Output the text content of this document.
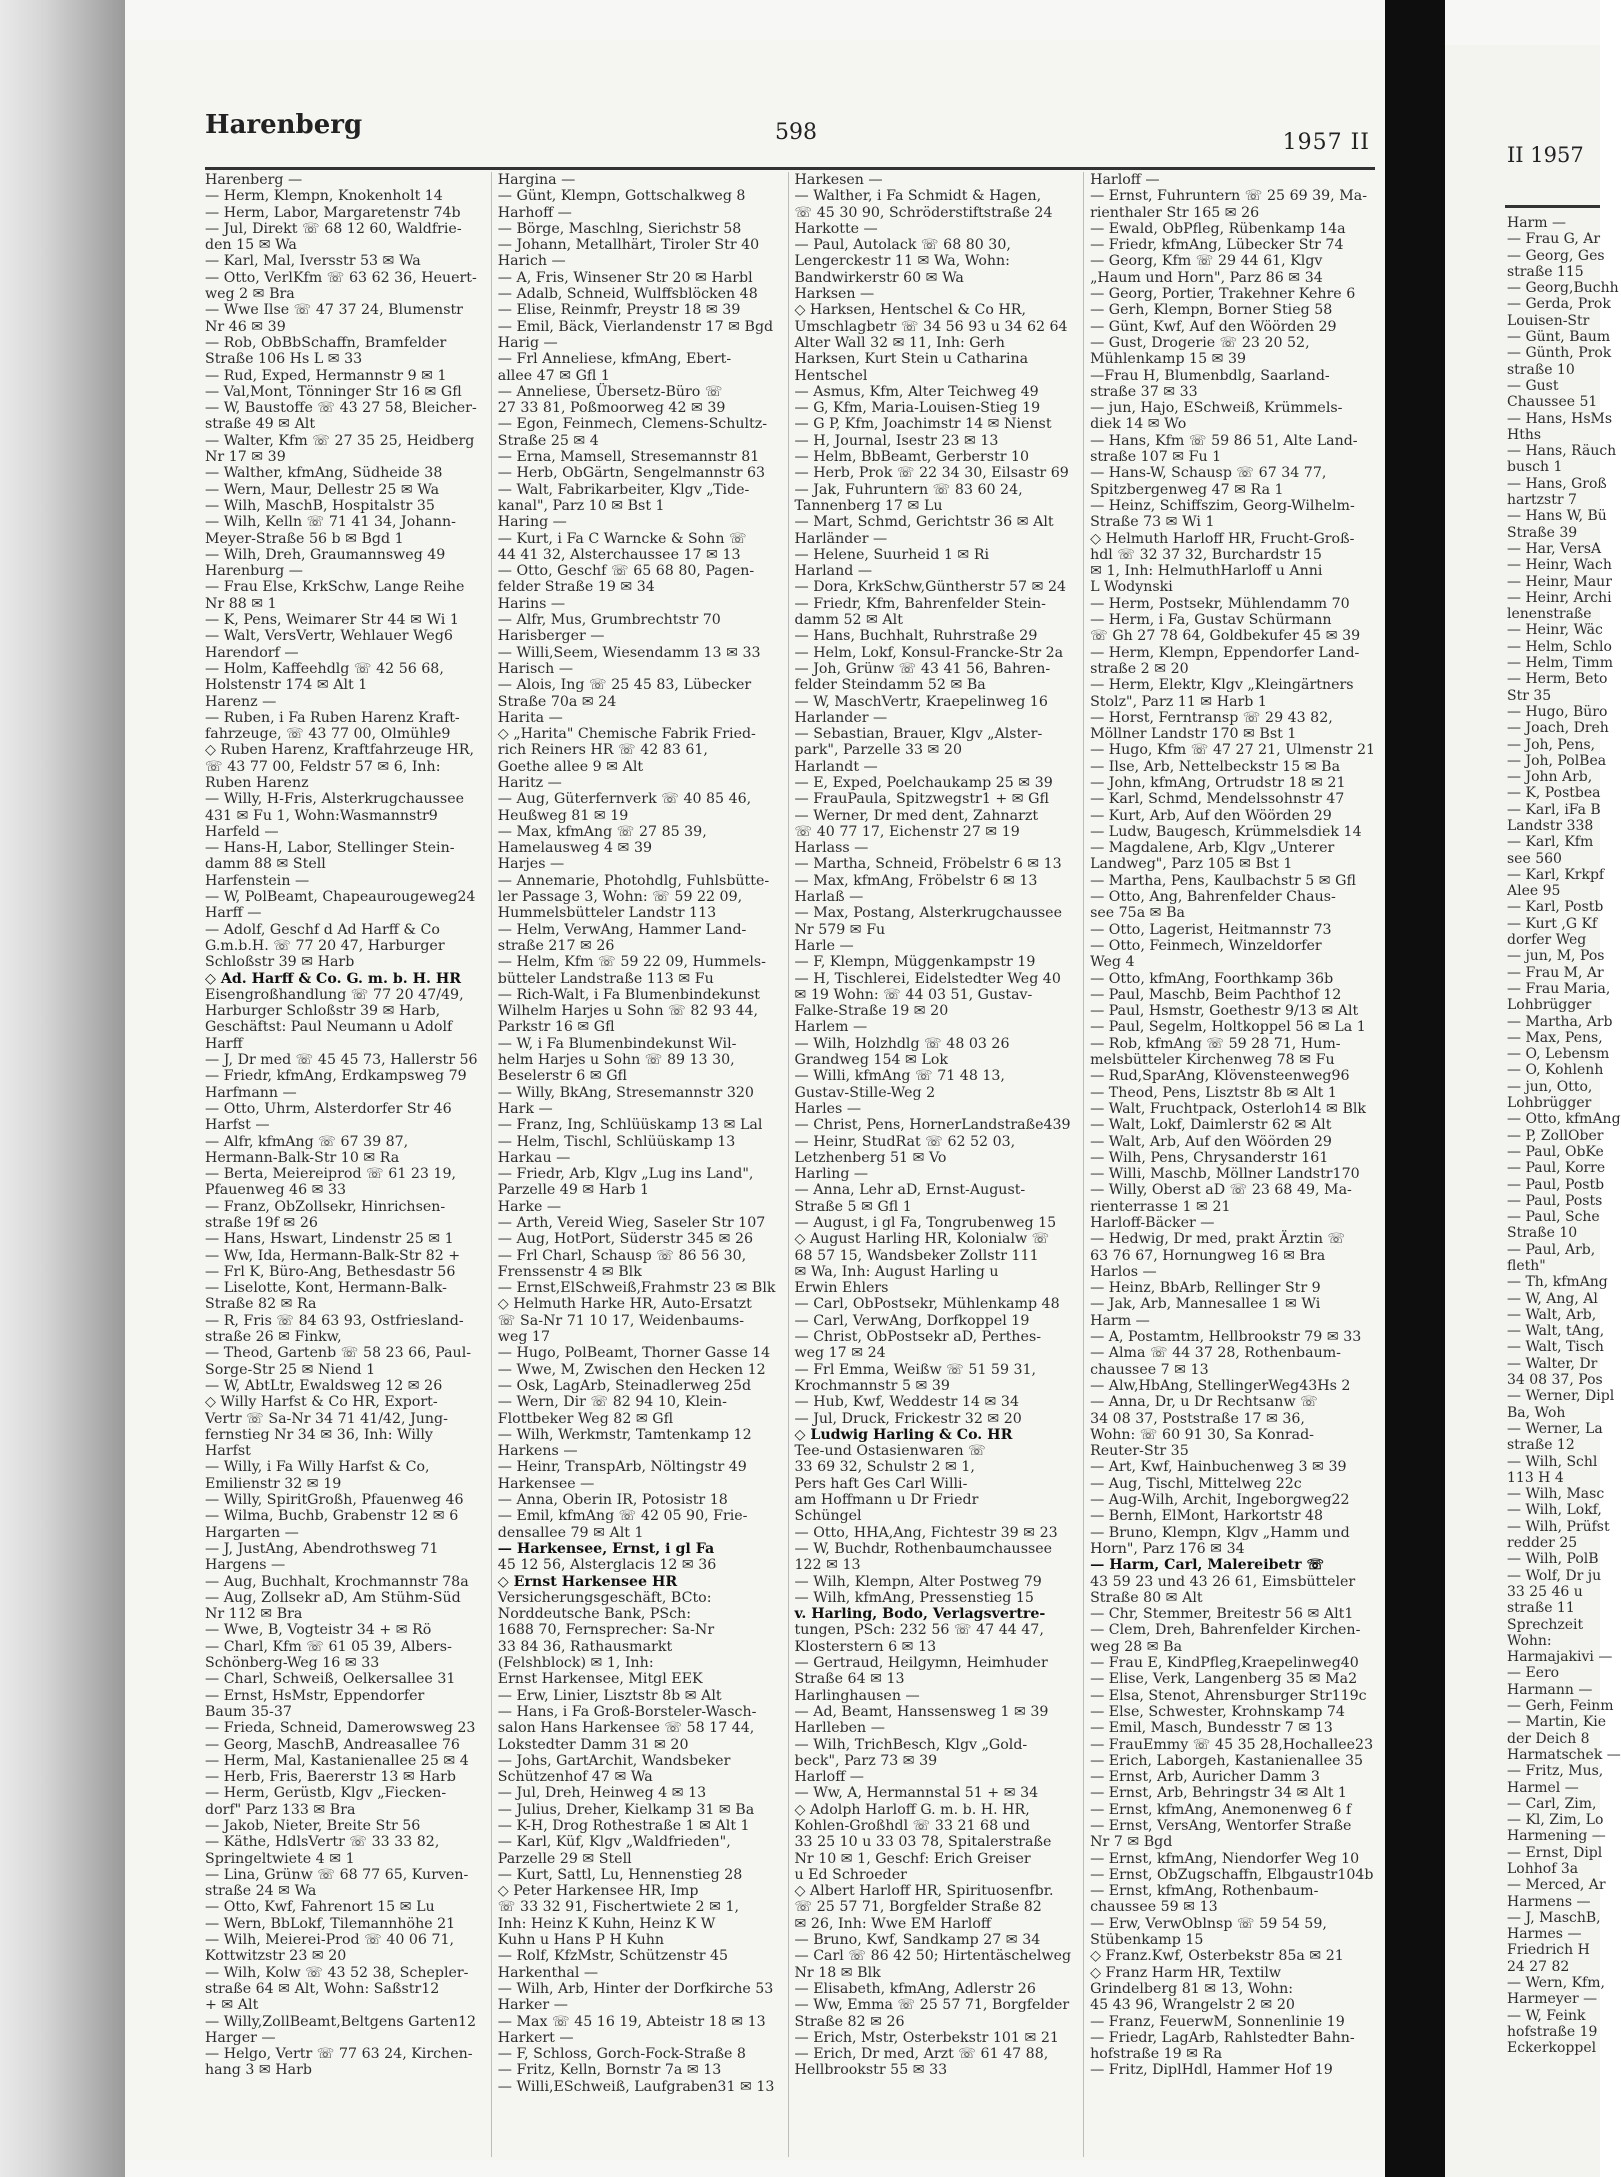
Harenberg	598	1957 II
Harenberg —
— Herm, Klempn, Knokenholt 14
— Herm, Labor, Margaretenstr 74b
— Jul, Direkt ☏ 68 12 60, Waldfrie-
den 15 ✉ Wa
— Karl, Mal, Iversstr 53 ✉ Wa
— Otto, VerlKfm ☏ 63 62 36, Heuert-
weg 2 ✉ Bra
— Wwe Ilse ☏ 47 37 24, Blumenstr
Nr 46 ✉ 39
— Rob, ObBbSchaffn, Bramfelder
Straße 106 Hs L ✉ 33
— Rud, Exped, Hermannstr 9 ✉ 1
— Val,Mont, Tönninger Str 16 ✉ Gfl
— W, Baustoffe ☏ 43 27 58, Bleicher-
straße 49 ✉ Alt
— Walter, Kfm ☏ 27 35 25, Heidberg
Nr 17 ✉ 39
— Walther, kfmAng, Südheide 38
— Wern, Maur, Dellestr 25 ✉ Wa
— Wilh, MaschB, Hospitalstr 35
— Wilh, Kelln ☏ 71 41 34, Johann-
Meyer-Straße 56 b ✉ Bgd 1
— Wilh, Dreh, Graumannsweg 49
Harenburg —
— Frau Else, KrkSchw, Lange Reihe
Nr 88 ✉ 1
— K, Pens, Weimarer Str 44 ✉ Wi 1
— Walt, VersVertr, Wehlauer Weg6
Harendorf —
— Holm, Kaffeehdlg ☏ 42 56 68,
Holstenstr 174 ✉ Alt 1
Harenz —
— Ruben, i Fa Ruben Harenz Kraft-
fahrzeuge, ☏ 43 77 00, Olmühle9
◇ Ruben Harenz, Kraftfahrzeuge HR,
☏ 43 77 00, Feldstr 57 ✉ 6, Inh:
Ruben Harenz
— Willy, H-Fris, Alsterkrugchaussee
431 ✉ Fu 1, Wohn:Wasmannstr9
Harfeld —
— Hans-H, Labor, Stellinger Stein-
damm 88 ✉ Stell
Harfenstein —
— W, PolBeamt, Chapeaurougeweg24
Harff —
— Adolf, Geschf d Ad Harff & Co
G.m.b.H. ☏ 77 20 47, Harburger
Schloßstr 39 ✉ Harb
◇ Ad. Harff & Co. G. m. b. H. HR
Eisengroßhandlung ☏ 77 20 47/49,
Harburger Schloßstr 39 ✉ Harb,
Geschäftst: Paul Neumann u Adolf
Harff
— J, Dr med ☏ 45 45 73, Hallerstr 56
— Friedr, kfmAng, Erdkampsweg 79
Harfmann —
— Otto, Uhrm, Alsterdorfer Str 46
Harfst —
— Alfr, kfmAng ☏ 67 39 87,
Hermann-Balk-Str 10 ✉ Ra
— Berta, Meiereiprod ☏ 61 23 19,
Pfauenweg 46 ✉ 33
— Franz, ObZollsekr, Hinrichsen-
straße 19f ✉ 26
— Hans, Hswart, Lindenstr 25 ✉ 1
— Ww, Ida, Hermann-Balk-Str 82 +
— Frl K, Büro-Ang, Bethesdastr 56
— Liselotte, Kont, Hermann-Balk-
Straße 82 ✉ Ra
— R, Fris ☏ 84 63 93, Ostfriesland-
straße 26 ✉ Finkw,
— Theod, Gartenb ☏ 58 23 66, Paul-
Sorge-Str 25 ✉ Niend 1
— W, AbtLtr, Ewaldsweg 12 ✉ 26
◇ Willy Harfst & Co HR, Export-
Vertr ☏ Sa-Nr 34 71 41/42, Jung-
fernstieg Nr 34 ✉ 36, Inh: Willy
Harfst
— Willy, i Fa Willy Harfst & Co,
Emilienstr 32 ✉ 19
— Willy, SpiritGroßh, Pfauenweg 46
— Wilma, Buchb, Grabenstr 12 ✉ 6
Hargarten —
— J, JustAng, Abendrothsweg 71
Hargens —
— Aug, Buchhalt, Krochmannstr 78a
— Aug, Zollsekr aD, Am Stühm-Süd
Nr 112 ✉ Bra
— Wwe, B, Vogteistr 34 + ✉ Rö
— Charl, Kfm ☏ 61 05 39, Albers-
Schönberg-Weg 16 ✉ 33
— Charl, Schweiß, Oelkersallee 31
— Ernst, HsMstr, Eppendorfer
Baum 35-37
— Frieda, Schneid, Damerowsweg 23
— Georg, MaschB, Andreasallee 76
— Herm, Mal, Kastanienallee 25 ✉ 4
— Herb, Fris, Baererstr 13 ✉ Harb
— Herm, Gerüstb, Klgv „Fiecken-
dorf" Parz 133 ✉ Bra
— Jakob, Nieter, Breite Str 56
— Käthe, HdlsVertr ☏ 33 33 82,
Springeltwiete 4 ✉ 1
— Lina, Grünw ☏ 68 77 65, Kurven-
straße 24 ✉ Wa
— Otto, Kwf, Fahrenort 15 ✉ Lu
— Wern, BbLokf, Tilemannhöhe 21
— Wilh, Meierei-Prod ☏ 40 06 71,
Kottwitzstr 23 ✉ 20
— Wilh, Kolw ☏ 43 52 38, Schepler-
straße 64 ✉ Alt, Wohn: Saßstr12
+ ✉ Alt
— Willy,ZollBeamt,Beltgens Garten12
Harger —
— Helgo, Vertr ☏ 77 63 24, Kirchen-
hang 3 ✉ Harb
Hargina —
— Günt, Klempn, Gottschalkweg 8
Harhoff —
— Börge, Maschlng, Sierichstr 58
— Johann, Metallhärt, Tiroler Str 40
Harich —
— A, Fris, Winsener Str 20 ✉ Harbl
— Adalb, Schneid, Wulffsblöcken 48
— Elise, Reinmfr, Preystr 18 ✉ 39
— Emil, Bäck, Vierlandenstr 17 ✉ Bgd
Harig —
— Frl Anneliese, kfmAng, Ebert-
allee 47 ✉ Gfl 1
— Anneliese, Übersetz-Büro ☏
27 33 81, Poßmoorweg 42 ✉ 39
— Egon, Feinmech, Clemens-Schultz-
Straße 25 ✉ 4
— Erna, Mamsell, Stresemannstr 81
— Herb, ObGärtn, Sengelmannstr 63
— Walt, Fabrikarbeiter, Klgv „Tide-
kanal", Parz 10 ✉ Bst 1
Haring —
— Kurt, i Fa C Warncke & Sohn ☏
44 41 32, Alsterchaussee 17 ✉ 13
— Otto, Geschf ☏ 65 68 80, Pagen-
felder Straße 19 ✉ 34
Harins —
— Alfr, Mus, Grumbrechtstr 70
Harisberger —
— Willi,Seem, Wiesendamm 13 ✉ 33
Harisch —
— Alois, Ing ☏ 25 45 83, Lübecker
Straße 70a ✉ 24
Harita —
◇ „Harita" Chemische Fabrik Fried-
rich Reiners HR ☏ 42 83 61,
Goethe allee 9 ✉ Alt
Haritz —
— Aug, Güterfernverk ☏ 40 85 46,
Heußweg 81 ✉ 19
— Max, kfmAng ☏ 27 85 39,
Hamelausweg 4 ✉ 39
Harjes —
— Annemarie, Photohdlg, Fuhlsbütte-
ler Passage 3, Wohn: ☏ 59 22 09,
Hummelsbütteler Landstr 113
— Helm, VerwAng, Hammer Land-
straße 217 ✉ 26
— Helm, Kfm ☏ 59 22 09, Hummels-
bütteler Landstraße 113 ✉ Fu
— Rich-Walt, i Fa Blumenbindekunst
Wilhelm Harjes u Sohn ☏ 82 93 44,
Parkstr 16 ✉ Gfl
— W, i Fa Blumenbindekunst Wil-
helm Harjes u Sohn ☏ 89 13 30,
Beselerstr 6 ✉ Gfl
— Willy, BkAng, Stresemannstr 320
Hark —
— Franz, Ing, Schlüüskamp 13 ✉ Lal
— Helm, Tischl, Schlüüskamp 13
Harkau —
— Friedr, Arb, Klgv „Lug ins Land",
Parzelle 49 ✉ Harb 1
Harke —
— Arth, Vereid Wieg, Saseler Str 107
— Aug, HotPort, Süderstr 345 ✉ 26
— Frl Charl, Schausp ☏ 86 56 30,
Frenssenstr 4 ✉ Blk
— Ernst,ElSchweiß,Frahmstr 23 ✉ Blk
◇ Helmuth Harke HR, Auto-Ersatzt
☏ Sa-Nr 71 10 17, Weidenbaums-
weg 17
— Hugo, PolBeamt, Thorner Gasse 14
— Wwe, M, Zwischen den Hecken 12
— Osk, LagArb, Steinadlerweg 25d
— Wern, Dir ☏ 82 94 10, Klein-
Flottbeker Weg 82 ✉ Gfl
— Wilh, Werkmstr, Tamtenkamp 12
Harkens —
— Heinr, TranspArb, Nöltingstr 49
Harkensee —
— Anna, Oberin IR, Potosistr 18
— Emil, kfmAng ☏ 42 05 90, Frie-
densallee 79 ✉ Alt 1
— Harkensee, Ernst, i gl Fa
45 12 56, Alsterglacis 12 ✉ 36
◇ Ernst Harkensee HR
Versicherungsgeschäft, BCto:
Norddeutsche Bank, PSch:
1688 70, Fernsprecher: Sa-Nr
33 84 36, Rathausmarkt
(Felshblock) ✉ 1, Inh:
Ernst Harkensee, Mitgl EEK
— Erw, Linier, Lisztstr 8b ✉ Alt
— Hans, i Fa Groß-Borsteler-Wasch-
salon Hans Harkensee ☏ 58 17 44,
Lokstedter Damm 31 ✉ 20
— Johs, GartArchit, Wandsbeker
Schützenhof 47 ✉ Wa
— Jul, Dreh, Heinweg 4 ✉ 13
— Julius, Dreher, Kielkamp 31 ✉ Ba
— K-H, Drog Rothestraße 1 ✉ Alt 1
— Karl, Küf, Klgv „Waldfrieden",
Parzelle 29 ✉ Stell
— Kurt, Sattl, Lu, Hennenstieg 28
◇ Peter Harkensee HR, Imp
☏ 33 32 91, Fischertwiete 2 ✉ 1,
Inh: Heinz K Kuhn, Heinz K W
Kuhn u Hans P H Kuhn
— Rolf, KfzMstr, Schützenstr 45
Harkenthal —
— Wilh, Arb, Hinter der Dorfkirche 53
Harker —
— Max ☏ 45 16 19, Abteistr 18 ✉ 13
Harkert —
— F, Schloss, Gorch-Fock-Straße 8
— Fritz, Kelln, Bornstr 7a ✉ 13
— Willi,ESchweiß, Laufgraben31 ✉ 13
Harkesen —
— Walther, i Fa Schmidt & Hagen,
☏ 45 30 90, Schröderstiftstraße 24
Harkotte —
— Paul, Autolack ☏ 68 80 30,
Lengerckestr 11 ✉ Wa, Wohn:
Bandwirkerstr 60 ✉ Wa
Harksen —
◇ Harksen, Hentschel & Co HR,
Umschlagbetr ☏ 34 56 93 u 34 62 64
Alter Wall 32 ✉ 11, Inh: Gerh
Harksen, Kurt Stein u Catharina
Hentschel
— Asmus, Kfm, Alter Teichweg 49
— G, Kfm, Maria-Louisen-Stieg 19
— G P, Kfm, Joachimstr 14 ✉ Nienst
— H, Journal, Isestr 23 ✉ 13
— Helm, BbBeamt, Gerberstr 10
— Herb, Prok ☏ 22 34 30, Eilsastr 69
— Jak, Fuhruntern ☏ 83 60 24,
Tannenberg 17 ✉ Lu
— Mart, Schmd, Gerichtstr 36 ✉ Alt
Harländer —
— Helene, Suurheid 1 ✉ Ri
Harland —
— Dora, KrkSchw,Güntherstr 57 ✉ 24
— Friedr, Kfm, Bahrenfelder Stein-
damm 52 ✉ Alt
— Hans, Buchhalt, Ruhrstraße 29
— Helm, Lokf, Konsul-Francke-Str 2a
— Joh, Grünw ☏ 43 41 56, Bahren-
felder Steindamm 52 ✉ Ba
— W, MaschVertr, Kraepelinweg 16
Harlander —
— Sebastian, Brauer, Klgv „Alster-
park", Parzelle 33 ✉ 20
Harlandt —
— E, Exped, Poelchaukamp 25 ✉ 39
— FrauPaula, Spitzwegstr1 + ✉ Gfl
— Werner, Dr med dent, Zahnarzt
☏ 40 77 17, Eichenstr 27 ✉ 19
Harlass —
— Martha, Schneid, Fröbelstr 6 ✉ 13
— Max, kfmAng, Fröbelstr 6 ✉ 13
Harlaß —
— Max, Postang, Alsterkrugchaussee
Nr 579 ✉ Fu
Harle —
— F, Klempn, Müggenkampstr 19
— H, Tischlerei, Eidelstedter Weg 40
✉ 19 Wohn: ☏ 44 03 51, Gustav-
Falke-Straße 19 ✉ 20
Harlem —
— Wilh, Holzhdlg ☏ 48 03 26
Grandweg 154 ✉ Lok
— Willi, kfmAng ☏ 71 48 13,
Gustav-Stille-Weg 2
Harles —
— Christ, Pens, HornerLandstraße439
— Heinr, StudRat ☏ 62 52 03,
Letzhenberg 51 ✉ Vo
Harling —
— Anna, Lehr aD, Ernst-August-
Straße 5 ✉ Gfl 1
— August, i gl Fa, Tongrubenweg 15
◇ August Harling HR, Kolonialw ☏
68 57 15, Wandsbeker Zollstr 111
✉ Wa, Inh: August Harling u
Erwin Ehlers
— Carl, ObPostsekr, Mühlenkamp 48
— Carl, VerwAng, Dorfkoppel 19
— Christ, ObPostsekr aD, Perthes-
weg 17 ✉ 24
— Frl Emma, Weißw ☏ 51 59 31,
Krochmannstr 5 ✉ 39
— Hub, Kwf, Weddestr 14 ✉ 34
— Jul, Druck, Frickestr 32 ✉ 20
◇ Ludwig Harling & Co. HR
Tee-und Ostasienwaren ☏
33 69 32, Schulstr 2 ✉ 1,
Pers haft Ges Carl Willi-
am Hoffmann u Dr Friedr
Schüngel
— Otto, HHA,Ang, Fichtestr 39 ✉ 23
— W, Buchdr, Rothenbaumchaussee
122 ✉ 13
— Wilh, Klempn, Alter Postweg 79
— Wilh, kfmAng, Pressenstieg 15
v. Harling, Bodo, Verlagsvertre-
tungen, PSch: 232 56 ☏ 47 44 47,
Klosterstern 6 ✉ 13
— Gertraud, Heilgymn, Heimhuder
Straße 64 ✉ 13
Harlinghausen —
— Ad, Beamt, Hanssensweg 1 ✉ 39
Harlleben —
— Wilh, TrichBesch, Klgv „Gold-
beck", Parz 73 ✉ 39
Harloff —
— Ww, A, Hermannstal 51 + ✉ 34
◇ Adolph Harloff G. m. b. H. HR,
Kohlen-Großhdl ☏ 33 21 68 und
33 25 10 u 33 03 78, Spitalerstraße
Nr 10 ✉ 1, Geschf: Erich Greiser
u Ed Schroeder
◇ Albert Harloff HR, Spirituosenfbr.
☏ 25 57 71, Borgfelder Straße 82
✉ 26, Inh: Wwe EM Harloff
— Bruno, Kwf, Sandkamp 27 ✉ 34
— Carl ☏ 86 42 50; Hirtentäschelweg
Nr 18 ✉ Blk
— Elisabeth, kfmAng, Adlerstr 26
— Ww, Emma ☏ 25 57 71, Borgfelder
Straße 82 ✉ 26
— Erich, Mstr, Osterbekstr 101 ✉ 21
— Erich, Dr med, Arzt ☏ 61 47 88,
Hellbrookstr 55 ✉ 33
Harloff —
— Ernst, Fuhruntern ☏ 25 69 39, Ma-
rienthaler Str 165 ✉ 26
— Ewald, ObPfleg, Rübenkamp 14a
— Friedr, kfmAng, Lübecker Str 74
— Georg, Kfm ☏ 29 44 61, Klgv
„Haum und Horn", Parz 86 ✉ 34
— Georg, Portier, Trakehner Kehre 6
— Gerh, Klempn, Borner Stieg 58
— Günt, Kwf, Auf den Wöörden 29
— Gust, Drogerie ☏ 23 20 52,
Mühlenkamp 15 ✉ 39
—Frau H, Blumenbdlg, Saarland-
straße 37 ✉ 33
— jun, Hajo, ESchweiß, Krümmels-
diek 14 ✉ Wo
— Hans, Kfm ☏ 59 86 51, Alte Land-
straße 107 ✉ Fu 1
— Hans-W, Schausp ☏ 67 34 77,
Spitzbergenweg 47 ✉ Ra 1
— Heinz, Schiffszim, Georg-Wilhelm-
Straße 73 ✉ Wi 1
◇ Helmuth Harloff HR, Frucht-Groß-
hdl ☏ 32 37 32, Burchardstr 15
✉ 1, Inh: HelmuthHarloff u Anni
L Wodynski
— Herm, Postsekr, Mühlendamm 70
— Herm, i Fa, Gustav Schürmann
☏ Gh 27 78 64, Goldbekufer 45 ✉ 39
— Herm, Klempn, Eppendorfer Land-
straße 2 ✉ 20
— Herm, Elektr, Klgv „Kleingärtners
Stolz", Parz 11 ✉ Harb 1
— Horst, Ferntransp ☏ 29 43 82,
Möllner Landstr 170 ✉ Bst 1
— Hugo, Kfm ☏ 47 27 21, Ulmenstr 21
— Ilse, Arb, Nettelbeckstr 15 ✉ Ba
— John, kfmAng, Ortrudstr 18 ✉ 21
— Karl, Schmd, Mendelssohnstr 47
— Kurt, Arb, Auf den Wöörden 29
— Ludw, Baugesch, Krümmelsdiek 14
— Magdalene, Arb, Klgv „Unterer
Landweg", Parz 105 ✉ Bst 1
— Martha, Pens, Kaulbachstr 5 ✉ Gfl
— Otto, Ang, Bahrenfelder Chaus-
see 75a ✉ Ba
— Otto, Lagerist, Heitmannstr 73
— Otto, Feinmech, Winzeldorfer
Weg 4
— Otto, kfmAng, Foorthkamp 36b
— Paul, Maschb, Beim Pachthof 12
— Paul, Hsmstr, Goethestr 9/13 ✉ Alt
— Paul, Segelm, Holtkoppel 56 ✉ La 1
— Rob, kfmAng ☏ 59 28 71, Hum-
melsbütteler Kirchenweg 78 ✉ Fu
— Rud,SparAng, Klövensteenweg96
— Theod, Pens, Lisztstr 8b ✉ Alt 1
— Walt, Fruchtpack, Osterloh14 ✉ Blk
— Walt, Lokf, Daimlerstr 62 ✉ Alt
— Walt, Arb, Auf den Wöörden 29
— Wilh, Pens, Chrysanderstr 161
— Willi, Maschb, Möllner Landstr170
— Willy, Oberst aD ☏ 23 68 49, Ma-
rienterrasse 1 ✉ 21
Harloff-Bäcker —
— Hedwig, Dr med, prakt Ärztin ☏
63 76 67, Hornungweg 16 ✉ Bra
Harlos —
— Heinz, BbArb, Rellinger Str 9
— Jak, Arb, Mannesallee 1 ✉ Wi
Harm —
— A, Postamtm, Hellbrookstr 79 ✉ 33
— Alma ☏ 44 37 28, Rothenbaum-
chaussee 7 ✉ 13
— Alw,HbAng, StellingerWeg43Hs 2
— Anna, Dr, u Dr Rechtsanw ☏
34 08 37, Poststraße 17 ✉ 36,
Wohn: ☏ 60 91 30, Sa Konrad-
Reuter-Str 35
— Art, Kwf, Hainbuchenweg 3 ✉ 39
— Aug, Tischl, Mittelweg 22c
— Aug-Wilh, Archit, Ingeborgweg22
— Bernh, ElMont, Harkortstr 48
— Bruno, Klempn, Klgv „Hamm und
Horn", Parz 176 ✉ 34
— Harm, Carl, Malereibetr ☏
43 59 23 und 43 26 61, Eimsbütteler
Straße 80 ✉ Alt
— Chr, Stemmer, Breitestr 56 ✉ Alt1
— Clem, Dreh, Bahrenfelder Kirchen-
weg 28 ✉ Ba
— Frau E, KindPfleg,Kraepelinweg40
— Elise, Verk, Langenberg 35 ✉ Ma2
— Elsa, Stenot, Ahrensburger Str119c
— Else, Schwester, Krohnskamp 74
— Emil, Masch, Bundesstr 7 ✉ 13
— FrauEmmy ☏ 45 35 28,Hochallee23
— Erich, Laborgeh, Kastanienallee 35
— Ernst, Arb, Auricher Damm 3
— Ernst, Arb, Behringstr 34 ✉ Alt 1
— Ernst, kfmAng, Anemonenweg 6 f
— Ernst, VersAng, Wentorfer Straße
Nr 7 ✉ Bgd
— Ernst, kfmAng, Niendorfer Weg 10
— Ernst, ObZugschaffn, Elbgaustr104b
— Ernst, kfmAng, Rothenbaum-
chaussee 59 ✉ 13
— Erw, VerwOblnsp ☏ 59 54 59,
Stübenkamp 15
◇ Franz.Kwf, Osterbekstr 85a ✉ 21
◇ Franz Harm HR, Textilw
Grindelberg 81 ✉ 13, Wohn:
45 43 96, Wrangelstr 2 ✉ 20
— Franz, FeuerwM, Sonnenlinie 19
— Friedr, LagArb, Rahlstedter Bahn-
hofstraße 19 ✉ Ra
— Fritz, DiplHdl, Hammer Hof 19
II 1957
Harm —
— Frau G, Ar
— Georg, Ges
straße 115
— Georg,Buchh
— Gerda, Prok
Louisen-Str
— Günt, Baum
— Günth, Prok
straße 10
— Gust
Chaussee 51
— Hans, HsMs
Hths
— Hans, Räuch
busch 1
— Hans, Groß
hartzstr 7
— Hans W, Bü
Straße 39
— Har, VersA
— Heinr, Wach
— Heinr, Maur
— Heinr, Archi
lenenstraße
— Heinr, Wäc
— Helm, Schlo
— Helm, Timm
— Herm, Beto
Str 35
— Hugo, Büro
— Joach, Dreh
— Joh, Pens,
— Joh, PolBea
— John Arb,
— K, Postbea
— Karl, iFa B
Landstr 338
— Karl, Kfm
see 560
— Karl, Krkpf
Alee 95
— Karl, Postb
— Kurt ,G Kf
dorfer Weg
— jun, M, Pos
— Frau M, Ar
— Frau Maria,
Lohbrügger
— Martha, Arb
— Max, Pens,
— O, Lebensm
— O, Kohlenh
— jun, Otto,
Lohbrügger
— Otto, kfmAng
— P, ZollOber
— Paul, ObKe
— Paul, Korre
— Paul, Postb
— Paul, Posts
— Paul, Sche
Straße 10
— Paul, Arb,
fleth"
— Th, kfmAng
— W, Ang, Al
— Walt, Arb,
— Walt, tAng,
— Walt, Tisch
— Walter, Dr
34 08 37, Pos
— Werner, Dipl
Ba, Woh
— Werner, La
straße 12
— Wilh, Schl
113 H 4
— Wilh, Masc
— Wilh, Lokf,
— Wilh, Prüfst
redder 25
— Wilh, PolB
— Wolf, Dr ju
33 25 46 u
straße 11
Sprechzeit
Wohn:
Harmajakivi —
— Eero
Harmann —
— Gerh, Feinm
— Martin, Kie
der Deich 8
Harmatschek —
— Fritz, Mus,
Harmel —
— Carl, Zim,
— Kl, Zim, Lo
Harmening —
— Ernst, Dipl
Lohhof 3a
— Merced, Ar
Harmens —
— J, MaschB,
Harmes —
Friedrich H
24 27 82
— Wern, Kfm,
Harmeyer —
— W, Feink
hofstraße 19
Eckerkoppel
